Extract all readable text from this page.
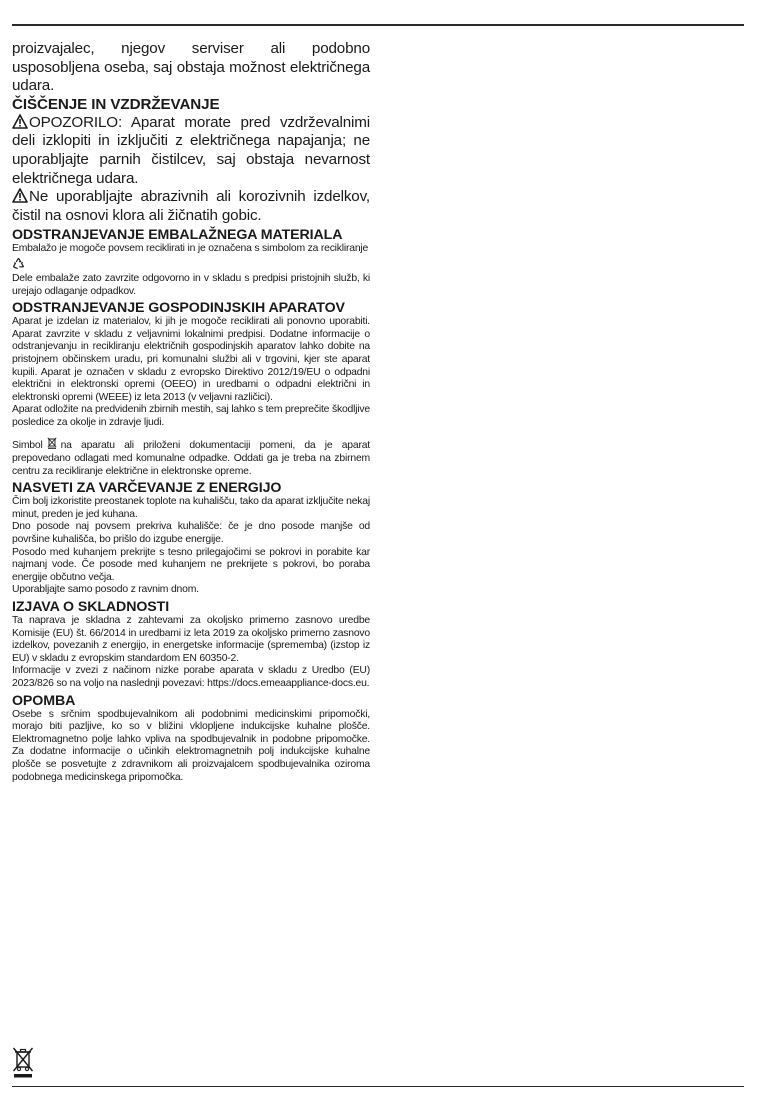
proizvajalec, njegov serviser ali podobno usposobljena oseba, saj obstaja možnost električnega udara.

ČIŠČENJE IN VZDRŽEVANJE

OPOZORILO: Aparat morate pred vzdrževalnimi deli izklopiti in izključiti z električnega napajanja; ne uporabljajte parnih čistilcev, saj obstaja nevarnost električnega udara.

Ne uporabljajte abrazivnih ali korozivnih izdelkov, čistil na osnovi klora ali žičnatih gobic.

ODSTRANJEVANJE EMBALAŽNEGA MATERIALA

Embalažo je mogoče povsem reciklirati in je označena s simbolom za recikliranje

Dele embalaže zato zavrzite odgovorno in v skladu s predpisi pristojnih služb, ki urejajo odlaganje odpadkov.

ODSTRANJEVANJE GOSPODINJSKIH APARATOV

Aparat je izdelan iz materialov, ki jih je mogoče reciklirati ali ponovno uporabiti. Aparat zavrzite v skladu z veljavnimi lokalnimi predpisi. Dodatne informacije o odstranjevanju in recikliranju električnih gospodinjskih aparatov lahko dobite na pristojnem občinskem uradu, pri komunalni službi ali v trgovini, kjer ste aparat kupili. Aparat je označen v skladu z evropsko Direktivo 2012/19/EU o odpadni električni in elektronski opremi (OEEO) in uredbami o odpadni električni in elektronski opremi (WEEE) iz leta 2013 (v veljavni različici).

Aparat odložite na predvidenih zbirnih mestih, saj lahko s tem preprečite škodljive posledice za okolje in zdravje ljudi.

Simbol na aparatu ali priloženi dokumentaciji pomeni, da je aparat prepovedano odlagati med komunalne odpadke. Oddati ga je treba na zbirnem centru za recikliranje električne in elektronske opreme.

NASVETI ZA VARČEVANJE Z ENERGIJO

Čim bolj izkoristite preostanek toplote na kuhališču, tako da aparat izključite nekaj minut, preden je jed kuhana.

Dno posode naj povsem prekriva kuhališče: če je dno posode manjše od površine kuhališča, bo prišlo do izgube energije.

Posodo med kuhanjem prekrijte s tesno prilegajočimi se pokrovi in porabite kar najmanj vode. Če posode med kuhanjem ne prekrijete s pokrovi, bo poraba energije občutno večja.

Uporabljajte samo posodo z ravnim dnom.

IZJAVA O SKLADNOSTI

Ta naprava je skladna z zahtevami za okoljsko primerno zasnovo uredbe Komisije (EU) št. 66/2014 in uredbami iz leta 2019 za okoljsko primerno zasnovo izdelkov, povezanih z energijo, in energetske informacije (sprememba) (izstop iz EU) v skladu z evropskim standardom EN 60350-2.

Informacije v zvezi z načinom nizke porabe aparata v skladu z Uredbo (EU) 2023/826 so na voljo na naslednji povezavi: https://docs.emeaappliance-docs.eu.

OPOMBA

Osebe s srčnim spodbujevalnikom ali podobnimi medicinskimi pripomočki, morajo biti pazljive, ko so v bližini vklopljene indukcijske kuhalne plošče. Elektromagnetno polje lahko vpliva na spodbujevalnik in podobne pripomočke. Za dodatne informacije o učinkih elektromagnetnih polj indukcijske kuhalne plošče se posvetujte z zdravnikom ali proizvajalcem spodbujevalnika oziroma podobnega medicinskega pripomočka.
